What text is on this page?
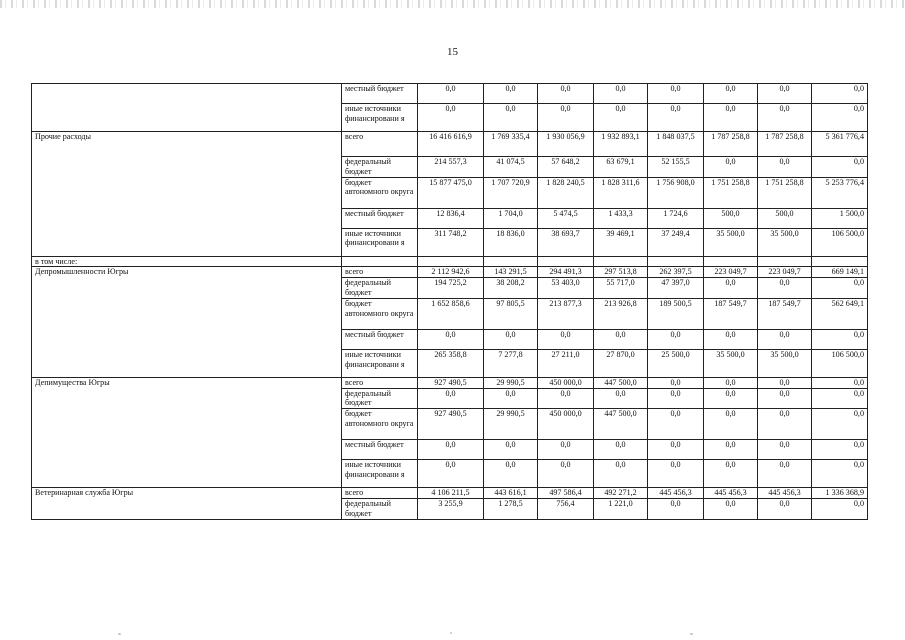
15
	местный бюджет	0,0	0,0	0,0	0,0	0,0	0,0	0,0	0,0
	иные источники финансировани я	0,0	0,0	0,0	0,0	0,0	0,0	0,0	0,0
Прочие расходы	всего	16 416 616,9	1 769 335,4	1 930 056,9	1 932 893,1	1 848 037,5	1 787 258,8	1 787 258,8	5 361 776,4
	федеральный бюджет	214 557,3	41 074,5	57 648,2	63 679,1	52 155,5	0,0	0,0	0,0
	бюджет автономного округа	15 877 475,0	1 707 720,9	1 828 240,5	1 828 311,6	1 756 908,0	1 751 258,8	1 751 258,8	5 253 776,4
	местный бюджет	12 836,4	1 704,0	5 474,5	1 433,3	1 724,6	500,0	500,0	1 500,0
	иные источники финансировани я	311 748,2	18 836,0	38 693,7	39 469,1	37 249,4	35 500,0	35 500,0	106 500,0
в том числе:									
Депромышленности Югры	всего	2 112 942,6	143 291,5	294 491,3	297 513,8	262 397,5	223 049,7	223 049,7	669 149,1
	федеральный бюджет	194 725,2	38 208,2	53 403,0	55 717,0	47 397,0	0,0	0,0	0,0
	бюджет автономного округа	1 652 858,6	97 805,5	213 877,3	213 926,8	189 500,5	187 549,7	187 549,7	562 649,1
	местный бюджет	0,0	0,0	0,0	0,0	0,0	0,0	0,0	0,0
	иные источники финансировани я	265 358,8	7 277,8	27 211,0	27 870,0	25 500,0	35 500,0	35 500,0	106 500,0
Депимущества Югры	всего	927 490,5	29 990,5	450 000,0	447 500,0	0,0	0,0	0,0	0,0
	федеральный бюджет	0,0	0,0	0,0	0,0	0,0	0,0	0,0	0,0
	бюджет автономного округа	927 490,5	29 990,5	450 000,0	447 500,0	0,0	0,0	0,0	0,0
	местный бюджет	0,0	0,0	0,0	0,0	0,0	0,0	0,0	0,0
	иные источники финансировани я	0,0	0,0	0,0	0,0	0,0	0,0	0,0	0,0
Ветеринарная служба Югры	всего	4 106 211,5	443 616,1	497 586,4	492 271,2	445 456,3	445 456,3	445 456,3	1 336 368,9
	федеральный бюджет	3 255,9	1 278,5	756,4	1 221,0	0,0	0,0	0,0	0,0
